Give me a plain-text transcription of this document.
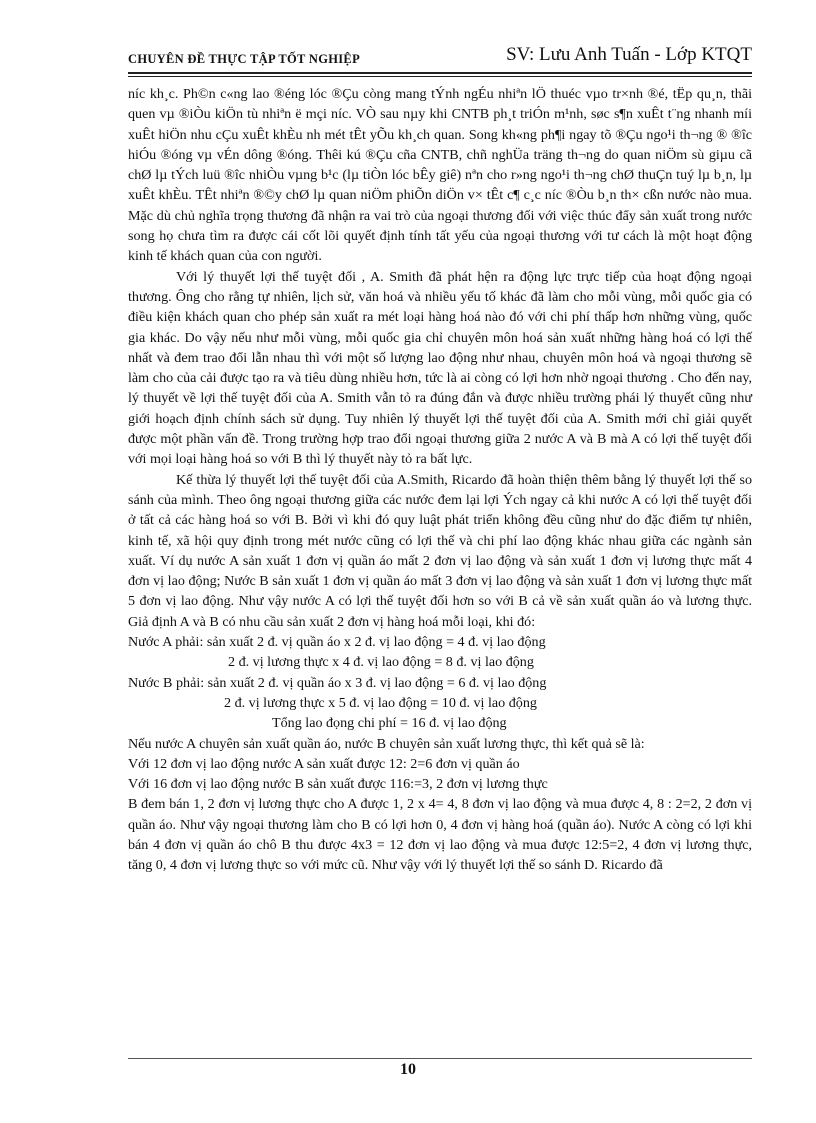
CHUYÊN ĐỀ THỰC TẬP TỐT NGHIỆP	SV: Lưu Anh Tuấn - Lớp KTQT

níc kh¸c. Ph©n c«ng lao ®éng lóc ®Çu còng mang tÝnh ngÉu nhiªn lÖ thuéc vµo tr×nh ®é, tËp qu¸n, thãi quen vµ ®iÒu kiÖn tù nhiªn ë mçi níc. VÒ sau nµy khi CNTB ph¸t triÓn m¹nh, søc s¶n xuÊt t¨ng nhanh míi xuÊt hiÖn nhu cÇu xuÊt khÈu nh mét tÊt yÕu kh¸ch quan. Song kh«ng ph¶i ngay tõ ®Çu ngo¹i th¬ng ® ®îc hiÓu ®óng vµ vÉn dông ®óng. Thêi kú ®Çu cña CNTB, chñ nghÜa träng th¬ng do quan niÖm sù giµu cã chØ lµ tÝch luü ®îc nhiÒu vµng b¹c (lµ tiÒn lóc bÊy giê) nªn cho r»ng ngo¹i th¬ng chØ thuÇn tuý lµ b¸n, lµ xuÊt khÈu. TÊt nhiªn ®©y chØ lµ quan niÖm phiÕn diÖn v× tÊt c¶ c¸c níc ®Òu b¸n th× cßn nước nào mua. Mặc dù chủ nghĩa trọng thương đã nhận ra vai trò của ngoại thương đối với việc thúc đẩy sản xuất trong nước song họ chưa tìm ra được cái cốt lõi quyết định tính tất yếu của ngoại thương với tư cách là một hoạt động kinh tế khách quan của con người.

Với lý thuyết lợi thế tuyệt đối , A. Smith đã phát hện ra động lực trực tiếp của hoạt động ngoại thương. Ông cho rằng tự nhiên, lịch sử, văn hoá và nhiều yếu tố khác đã làm cho mỗi vùng, mỗi quốc gia có điều kiện khách quan cho phép sản xuất ra mét loại hàng hoá nào đó với chi phí thấp hơn những vùng, quốc gia khác. Do vậy nếu như mỗi vùng, mỗi quốc gia chỉ chuyên môn hoá sản xuất những hàng hoá có lợi thế nhất và đem trao đổi lẫn nhau thì với một số lượng lao động như nhau, chuyên môn hoá và ngoại thương sẽ làm cho của cải được tạo ra và tiêu dùng nhiều hơn, tức là ai còng có lợi hơn nhờ ngoại thương . Cho đến nay, lý thuyết về lợi thế tuyệt đối của A. Smith vẫn tỏ ra đúng đắn và được nhiều trường phái lý thuyết cũng như giới hoạch định chính sách sử dụng. Tuy nhiên lý thuyết lợi thế tuyệt đối của A. Smith mới chỉ giải quyết được một phần vấn đề. Trong trường hợp trao đổi ngoại thương giữa 2 nước A và B mà A có lợi thế tuyệt đối với mọi loại hàng hoá so với B thì lý thuyết này tỏ ra bất lực.

Kế thừa lý thuyết lợi thế tuyệt đối của A.Smith, Ricardo đã hoàn thiện thêm bằng lý thuyết lợi thế so sánh của mình. Theo ông ngoại thương giữa các nước đem lại lợi Ých ngay cả khi nước A có lợi thế tuyệt đối ở tất cả các hàng hoá so với B. Bởi vì khi đó quy luật phát triển không đều cũng như do đặc điểm tự nhiên, kinh tế, xã hội quy định trong mét nước cũng có lợi thế và chi phí lao động khác nhau giữa các ngành sản xuất. Ví dụ nước A sản xuất 1 đơn vị quần áo mất 2 đơn vị lao động và sản xuất 1 đơn vị lương thực mất 4 đơn vị lao động; Nước B sản xuất 1 đơn vị quần áo mất 3 đơn vị lao động và sản xuất 1 đơn vị lương thực mất 5 đơn vị lao động. Như vậy nước A có lợi thế tuyệt đối hơn so với B cả về sản xuất quần áo và lương thực. Giả định A và B có nhu cầu sản xuất 2 đơn vị hàng hoá mỗi loại, khi đó:

Nước A phải: sản xuất 2 đ. vị quần áo x 2 đ. vị lao động = 4 đ. vị lao động
2 đ. vị lương thực x 4 đ. vị lao động = 8 đ. vị lao động
Nước B phải: sản xuất 2 đ. vị quần áo x 3 đ. vị lao động = 6 đ. vị lao động
2 đ. vị lương thực x 5 đ. vị lao động = 10 đ. vị lao động
Tổng lao đọng chi phí = 16 đ. vị lao động

Nếu nước A chuyên sản xuất quần áo, nước B chuyên sản xuất lương thực, thì kết quả sẽ là:

Với 12 đơn vị lao động nước A sản xuất được 12: 2=6 đơn vị quần áo

Với 16 đơn vị lao động nước B sản xuất được 116:=3, 2 đơn vị lương thực

B đem bán 1, 2 đơn vị lương thực cho A được 1, 2 x 4= 4, 8 đơn vị lao động và mua được 4, 8 : 2=2, 2 đơn vị quần áo. Như vậy ngoại thương làm cho B có lợi hơn 0, 4 đơn vị hàng hoá (quần áo). Nước A còng có lợi khi bán 4 đơn vị quần áo chô B thu được 4x3 = 12 đơn vị lao động và mua được 12:5=2, 4 đơn vị lương thực, tăng 0, 4 đơn vị lương thực so với mức cũ. Như vậy với lý thuyết lợi thế so sánh D. Ricardo đã

10
